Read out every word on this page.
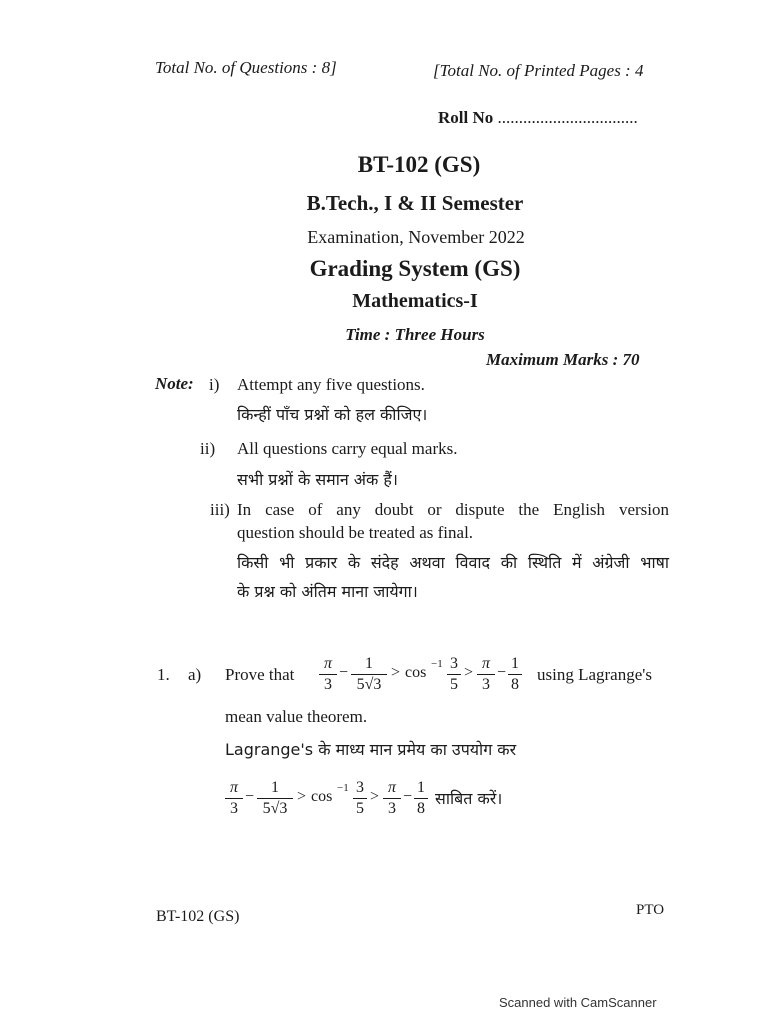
Total No. of Questions : 8]	[Total No. of Printed Pages : 4
Roll No .................................
BT-102 (GS)
B.Tech., I & II Semester
Examination, November 2022
Grading System (GS)
Mathematics-I
Time : Three Hours
Maximum Marks : 70
Note: i) Attempt any five questions.
किन्हीं पाँच प्रश्नों को हल कीजिए।
ii) All questions carry equal marks.
सभी प्रश्नों के समान अंक हैं।
iii) In case of any doubt or dispute the English version
question should be treated as final.
किसी भी प्रकार के संदेह अथवा विवाद की स्थिति में अंग्रेजी भाषा
के प्रश्न को अंतिम माना जायेगा।
1. a) Prove that
π
3
−
1
5√3
> cos −1 3
5
>
π
3
−
1
8
using Lagrange's
mean value theorem.
Lagrange's के माध्य मान प्रमेय का उपयोग कर
π
3
−
1
5√3
> cos −1 3
5
>
π
3
−
1
8
साबित करें।
BT-102 (GS)	PTO
Scanned with CamScanner
